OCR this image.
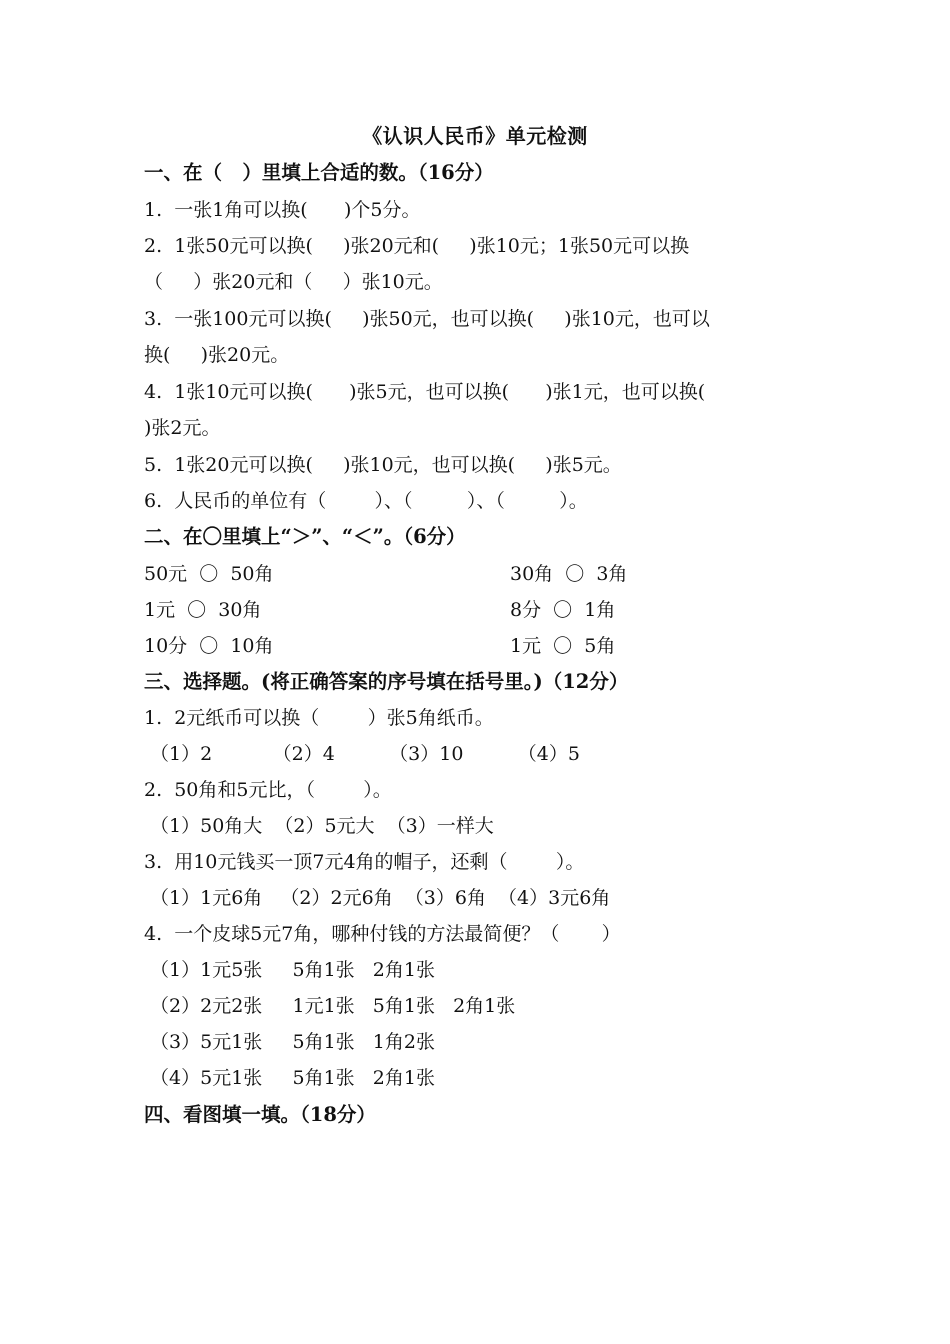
《认识人民币》单元检测
一、在（   ）里填上合适的数。（16分）
1.  一张1角可以换(      )个5分。
2.  1张50元可以换(     )张20元和(     )张10元；1张50元可以换
（     ）张20元和（     ）张10元。
3.  一张100元可以换(     )张50元，也可以换(     )张10元，也可以
换(     )张20元。
4.  1张10元可以换(      )张5元，也可以换(      )张1元，也可以换(
)张2元。
5.  1张20元可以换(     )张10元，也可以换(     )张5元。
6.  人民币的单位有（        ）、（         ）、（         ）。
二、在〇里填上“＞”、“＜”。（6分）
50元  〇  50角	30角  〇  3角
1元  〇  30角	8分  〇  1角
10分  〇  10角	1元  〇  5角
三、选择题。(将正确答案的序号填在括号里。)（12分）
1.  2元纸币可以换（        ）张5角纸币。
（1）2          （2）4         （3）10         （4）5
2.  50角和5元比，（        ）。
（1）50角大  （2）5元大  （3）一样大
3.  用10元钱买一顶7元4角的帽子，还剩（        ）。
（1）1元6角   （2）2元6角  （3）6角  （4）3元6角
4.  一个皮球5元7角，哪种付钱的方法最简便？（       ）
（1）1元5张     5角1张   2角1张
（2）2元2张     1元1张   5角1张   2角1张
（3）5元1张     5角1张   1角2张
（4）5元1张     5角1张   2角1张
四、看图填一填。（18分）
